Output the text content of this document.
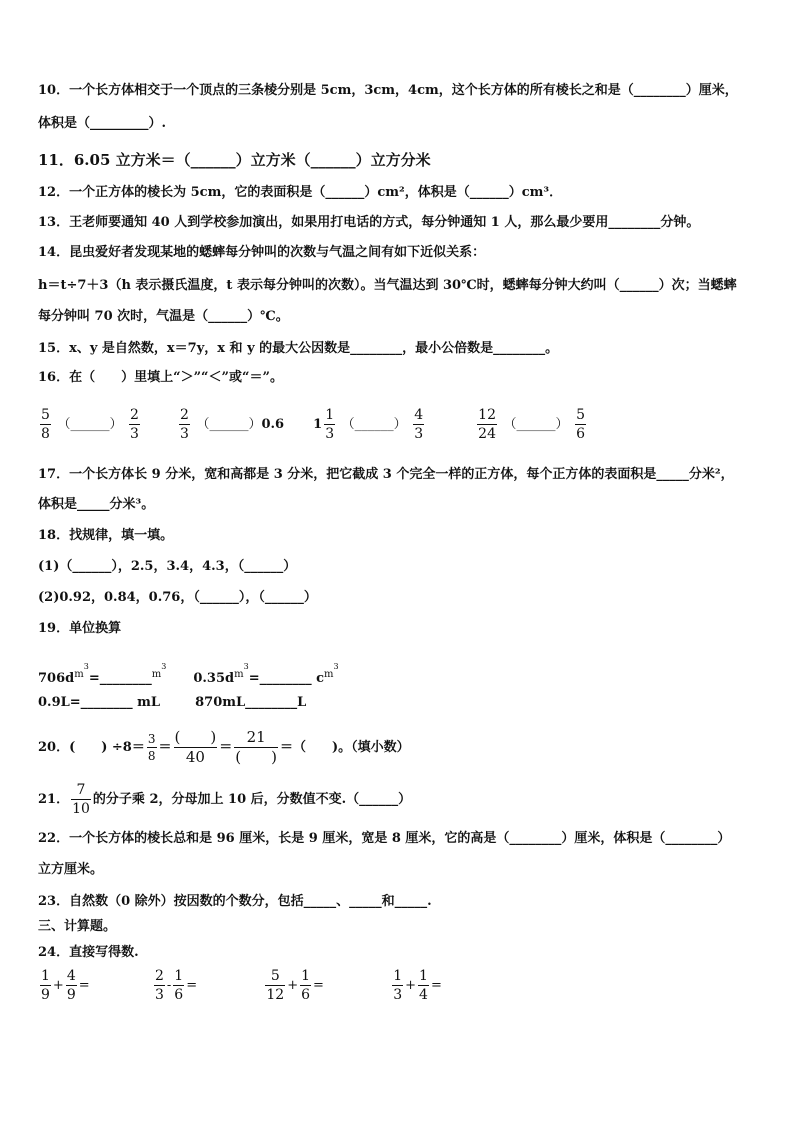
10．一个长方体相交于一个顶点的三条棱分别是 5cm，3cm，4cm，这个长方体的所有棱长之和是（________）厘米，
体积是（_________）.
11．6.05 立方米＝（______）立方米（______）立方分米
12．一个正方体的棱长为 5cm，它的表面积是（______）cm²，体积是（______）cm³．
13．王老师要通知 40 人到学校参加演出，如果用打电话的方式，每分钟通知 1 人，那么最少要用________分钟。
14．昆虫爱好者发现某地的蟋蟀每分钟叫的次数与气温之间有如下近似关系：
h＝t÷7＋3（h 表示摄氏温度，t 表示每分钟叫的次数）。当气温达到 30℃时，蟋蟀每分钟大约叫（______）次；当蟋蟀
每分钟叫 70 次时，气温是（______）℃。
15．x、y 是自然数，x＝7y，x 和 y 的最大公因数是________，最小公倍数是________。
16．在（　　）里填上“＞”“＜”或“＝”。
$\frac{5}{8}$ （______） $\frac{2}{3}$
	$\frac{2}{3}$ （______）0.6 $1 \frac{1}{3}$ （______） $\frac{4}{3}$
	$\frac{12}{24}$ （______） $\frac{5}{6}$
17．一个长方体长 9 分米，宽和高都是 3 分米，把它截成 3 个完全一样的正方体，每个正方体的表面积是_____分米²，
体积是_____分米³。
18．找规律，填一填。
(1)（______），2.5，3.4，4.3，（______）
(2)0.92，0.84，0.76，（______），（______）
19．单位换算
$706d^{m3}=\_\_\_\_\_\_\_\_^{m3}$  $0.35d^{m3}=\_\_\_\_\_\_\_\_$ $c^{m3}$
0.9L=________ mL	870mL________L
20．(　　) $\div 8= \frac{3}{8} = \frac{( )}{40} = \frac{21}{( )}$ ＝（　　)。（填小数）
21． $\frac{7}{10}$ 的分子乘 2，分母加上 10 后，分数值不变.（______）
22．一个长方体的棱长总和是 96 厘米，长是 9 厘米，宽是 8 厘米，它的高是（________）厘米，体积是（________）
立方厘米。
23．自然数（0 除外）按因数的个数分，包括_____、_____和_____.
三、计算题。
24．直接写得数.
$\frac{1}{9} + \frac{4}{9}$ =	$\frac{2}{3} - \frac{1}{6}$ =	$\frac{5}{12} + \frac{1}{6}$ =	$\frac{1}{3} + \frac{1}{4}$ =
